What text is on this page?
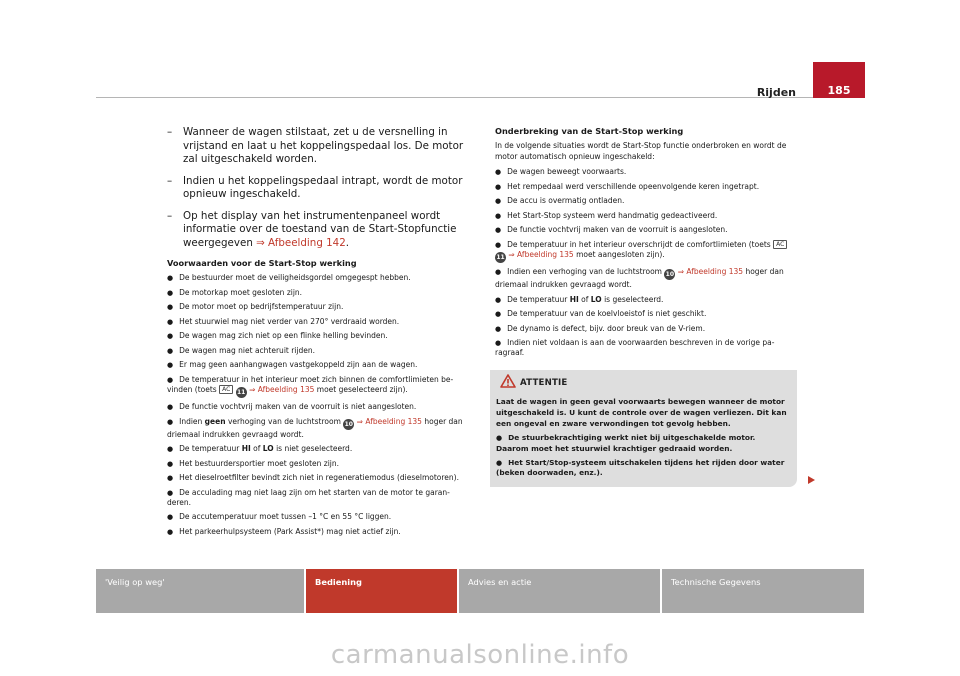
Rijden	185
– Wanneer de wagen stilstaat, zet u de versnelling in vrijstand en laat u het koppelingspedaal los. De motor zal uitgeschakeld worden.
– Indien u het koppelingspedaal intrapt, wordt de motor opnieuw ingeschakeld.
– Op het display van het instrumentenpaneel wordt informatie over de toestand van de Start-Stopfunctie weergegeven ⇒ Afbeelding 142.
Voorwaarden voor de Start-Stop werking
● De bestuurder moet de veiligheidsgordel omgegespt hebben.
● De motorkap moet gesloten zijn.
● De motor moet op bedrijfstemperatuur zijn.
● Het stuurwiel mag niet verder van 270° verdraaid worden.
● De wagen mag zich niet op een flinke helling bevinden.
● De wagen mag niet achteruit rijden.
● Er mag geen aanhangwagen vastgekoppeld zijn aan de wagen.
● De temperatuur in het interieur moet zich binnen de comfortlimieten bevinden (toets AC 11 ⇒ Afbeelding 135 moet geselecteerd zijn).
● De functie vochtvrij maken van de voorruit is niet aangesloten.
● Indien geen verhoging van de luchtstroom 10 ⇒ Afbeelding 135 hoger dan driemaal indrukken gevraagd wordt.
● De temperatuur HI of LO is niet geselecteerd.
● Het bestuurdersportier moet gesloten zijn.
● Het dieselroetfilter bevindt zich niet in regeneratiemodus (dieselmotoren).
● De acculading mag niet laag zijn om het starten van de motor te garanderen.
● De accutemperatuur moet tussen –1 °C en 55 °C liggen.
● Het parkeerhulpsysteem (Park Assist*) mag niet actief zijn.
Onderbreking van de Start-Stop werking
In de volgende situaties wordt de Start-Stop functie onderbroken en wordt de motor automatisch opnieuw ingeschakeld:
● De wagen beweegt voorwaarts.
● Het rempedaal werd verschillende opeenvolgende keren ingetrapt.
● De accu is overmatig ontladen.
● Het Start-Stop systeem werd handmatig gedeactiveerd.
● De functie vochtvrij maken van de voorruit is aangesloten.
● De temperatuur in het interieur overschrijdt de comfortlimieten (toets AC 11 ⇒ Afbeelding 135 moet aangesloten zijn).
● Indien een verhoging van de luchtstroom 10 ⇒ Afbeelding 135 hoger dan driemaal indrukken gevraagd wordt.
● De temperatuur HI of LO is geselecteerd.
● De temperatuur van de koelvloeistof is niet geschikt.
● De dynamo is defect, bijv. door breuk van de V-riem.
● Indien niet voldaan is aan de voorwaarden beschreven in de vorige paragraaf.
ATTENTIE

Laat de wagen in geen geval voorwaarts bewegen wanneer de motor uitgeschakeld is. U kunt de controle over de wagen verliezen. Dit kan een ongeval en zware verwondingen tot gevolg hebben.

● De stuurbekrachtiging werkt niet bij uitgeschakelde motor. Daarom moet het stuurwiel krachtiger gedraaid worden.

● Het Start/Stop-systeem uitschakelen tijdens het rijden door water (beken doorwaden, enz.).

'Veilig op weg'	Bediening	Advies en actie	Technische Gegevens
carmanualsonline.info
